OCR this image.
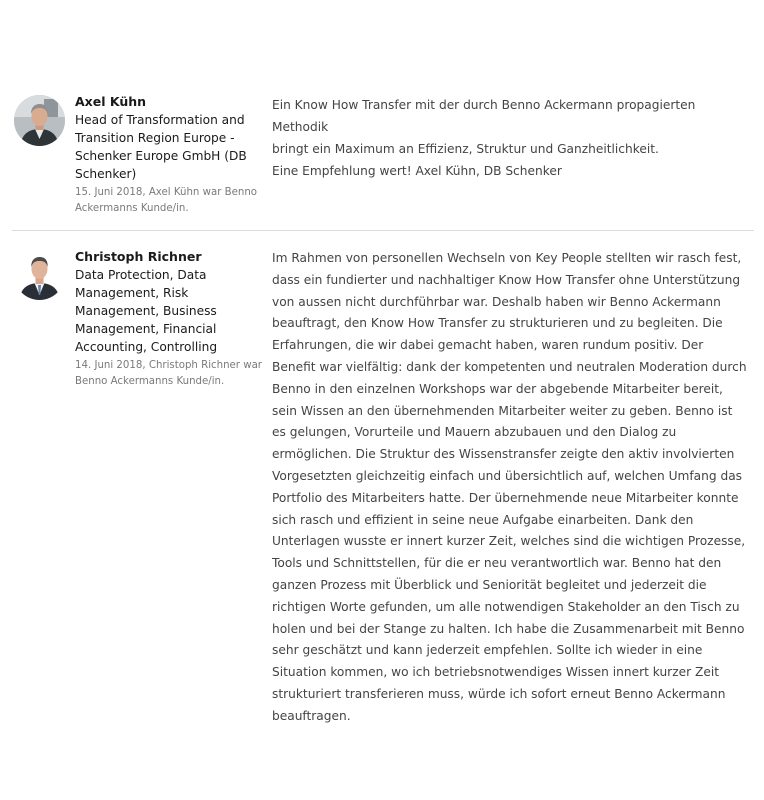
Axel Kühn
Head of Transformation and Transition Region Europe - Schenker Europe GmbH (DB Schenker)
15. Juni 2018, Axel Kühn war Benno Ackermanns Kunde/in.
Ein Know How Transfer mit der durch Benno Ackermann propagierten Methodik
bringt ein Maximum an Effizienz, Struktur und Ganzheitlichkeit.
Eine Empfehlung wert! Axel Kühn, DB Schenker
Christoph Richner
Data Protection, Data Management, Risk Management, Business Management, Financial Accounting, Controlling
14. Juni 2018, Christoph Richner war Benno Ackermanns Kunde/in.
Im Rahmen von personellen Wechseln von Key People stellten wir rasch fest, dass ein fundierter und nachhaltiger Know How Transfer ohne Unterstützung von aussen nicht durchführbar war. Deshalb haben wir Benno Ackermann beauftragt, den Know How Transfer zu strukturieren und zu begleiten. Die Erfahrungen, die wir dabei gemacht haben, waren rundum positiv. Der Benefit war vielfältig: dank der kompetenten und neutralen Moderation durch Benno in den einzelnen Workshops war der abgebende Mitarbeiter bereit, sein Wissen an den übernehmenden Mitarbeiter weiter zu geben. Benno ist es gelungen, Vorurteile und Mauern abzubauen und den Dialog zu ermöglichen. Die Struktur des Wissenstransfer zeigte den aktiv involvierten Vorgesetzten gleichzeitig einfach und übersichtlich auf, welchen Umfang das Portfolio des Mitarbeiters hatte. Der übernehmende neue Mitarbeiter konnte sich rasch und effizient in seine neue Aufgabe einarbeiten. Dank den Unterlagen wusste er innert kurzer Zeit, welches sind die wichtigen Prozesse, Tools und Schnittstellen, für die er neu verantwortlich war. Benno hat den ganzen Prozess mit Überblick und Seniorität begleitet und jederzeit die richtigen Worte gefunden, um alle notwendigen Stakeholder an den Tisch zu holen und bei der Stange zu halten. Ich habe die Zusammenarbeit mit Benno sehr geschätzt und kann jederzeit empfehlen. Sollte ich wieder in eine Situation kommen, wo ich betriebsnotwendiges Wissen innert kurzer Zeit strukturiert transferieren muss, würde ich sofort erneut Benno Ackermann beauftragen.
